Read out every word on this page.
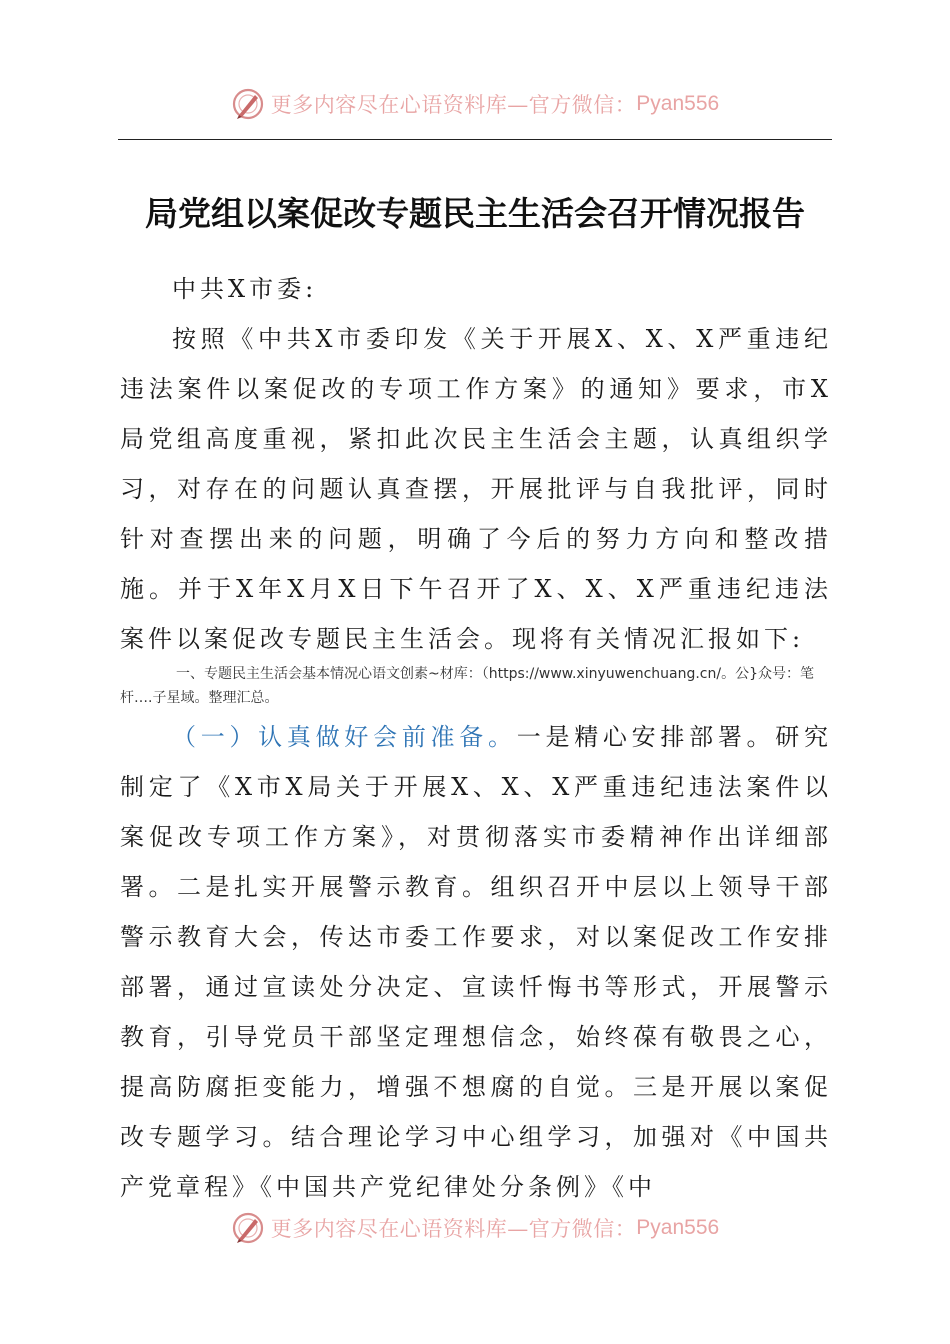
更多内容尽在心语资料库—官方微信： Pyan556
局党组以案促改专题民主生活会召开情况报告
中共X市委:
按照《中共X市委印发《关于开展X、X、X严重违纪违法案件以案促改的专项工作方案》的通知》要求，市X局党组高度重视，紧扣此次民主生活会主题，认真组织学习，对存在的问题认真查摆，开展批评与自我批评，同时针对查摆出来的问题，明确了今后的努力方向和整改措施。并于X年X月X日下午召开了X、X、X严重违纪违法案件以案促改专题民主生活会。现将有关情况汇报如下:
一、专题民主生活会基本情况心语文创素~材库：（https://www.xinyuwenchuang.cn/。公}众号：笔杆….子星域。整理汇总。
（一）认真做好会前准备。一是精心安排部署。研究制定了《X市X局关于开展X、X、X严重违纪违法案件以案促改专项工作方案》，对贯彻落实市委精神作出详细部署。二是扎实开展警示教育。组织召开中层以上领导干部警示教育大会，传达市委工作要求，对以案促改工作安排部署，通过宣读处分决定、宣读忏悔书等形式，开展警示教育，引导党员干部坚定理想信念，始终葆有敬畏之心，提高防腐拒变能力，增强不想腐的自觉。三是开展以案促改专题学习。结合理论学习中心组学习，加强对《中国共产党章程》《中国共产党纪律处分条例》《中
更多内容尽在心语资料库—官方微信： Pyan556
